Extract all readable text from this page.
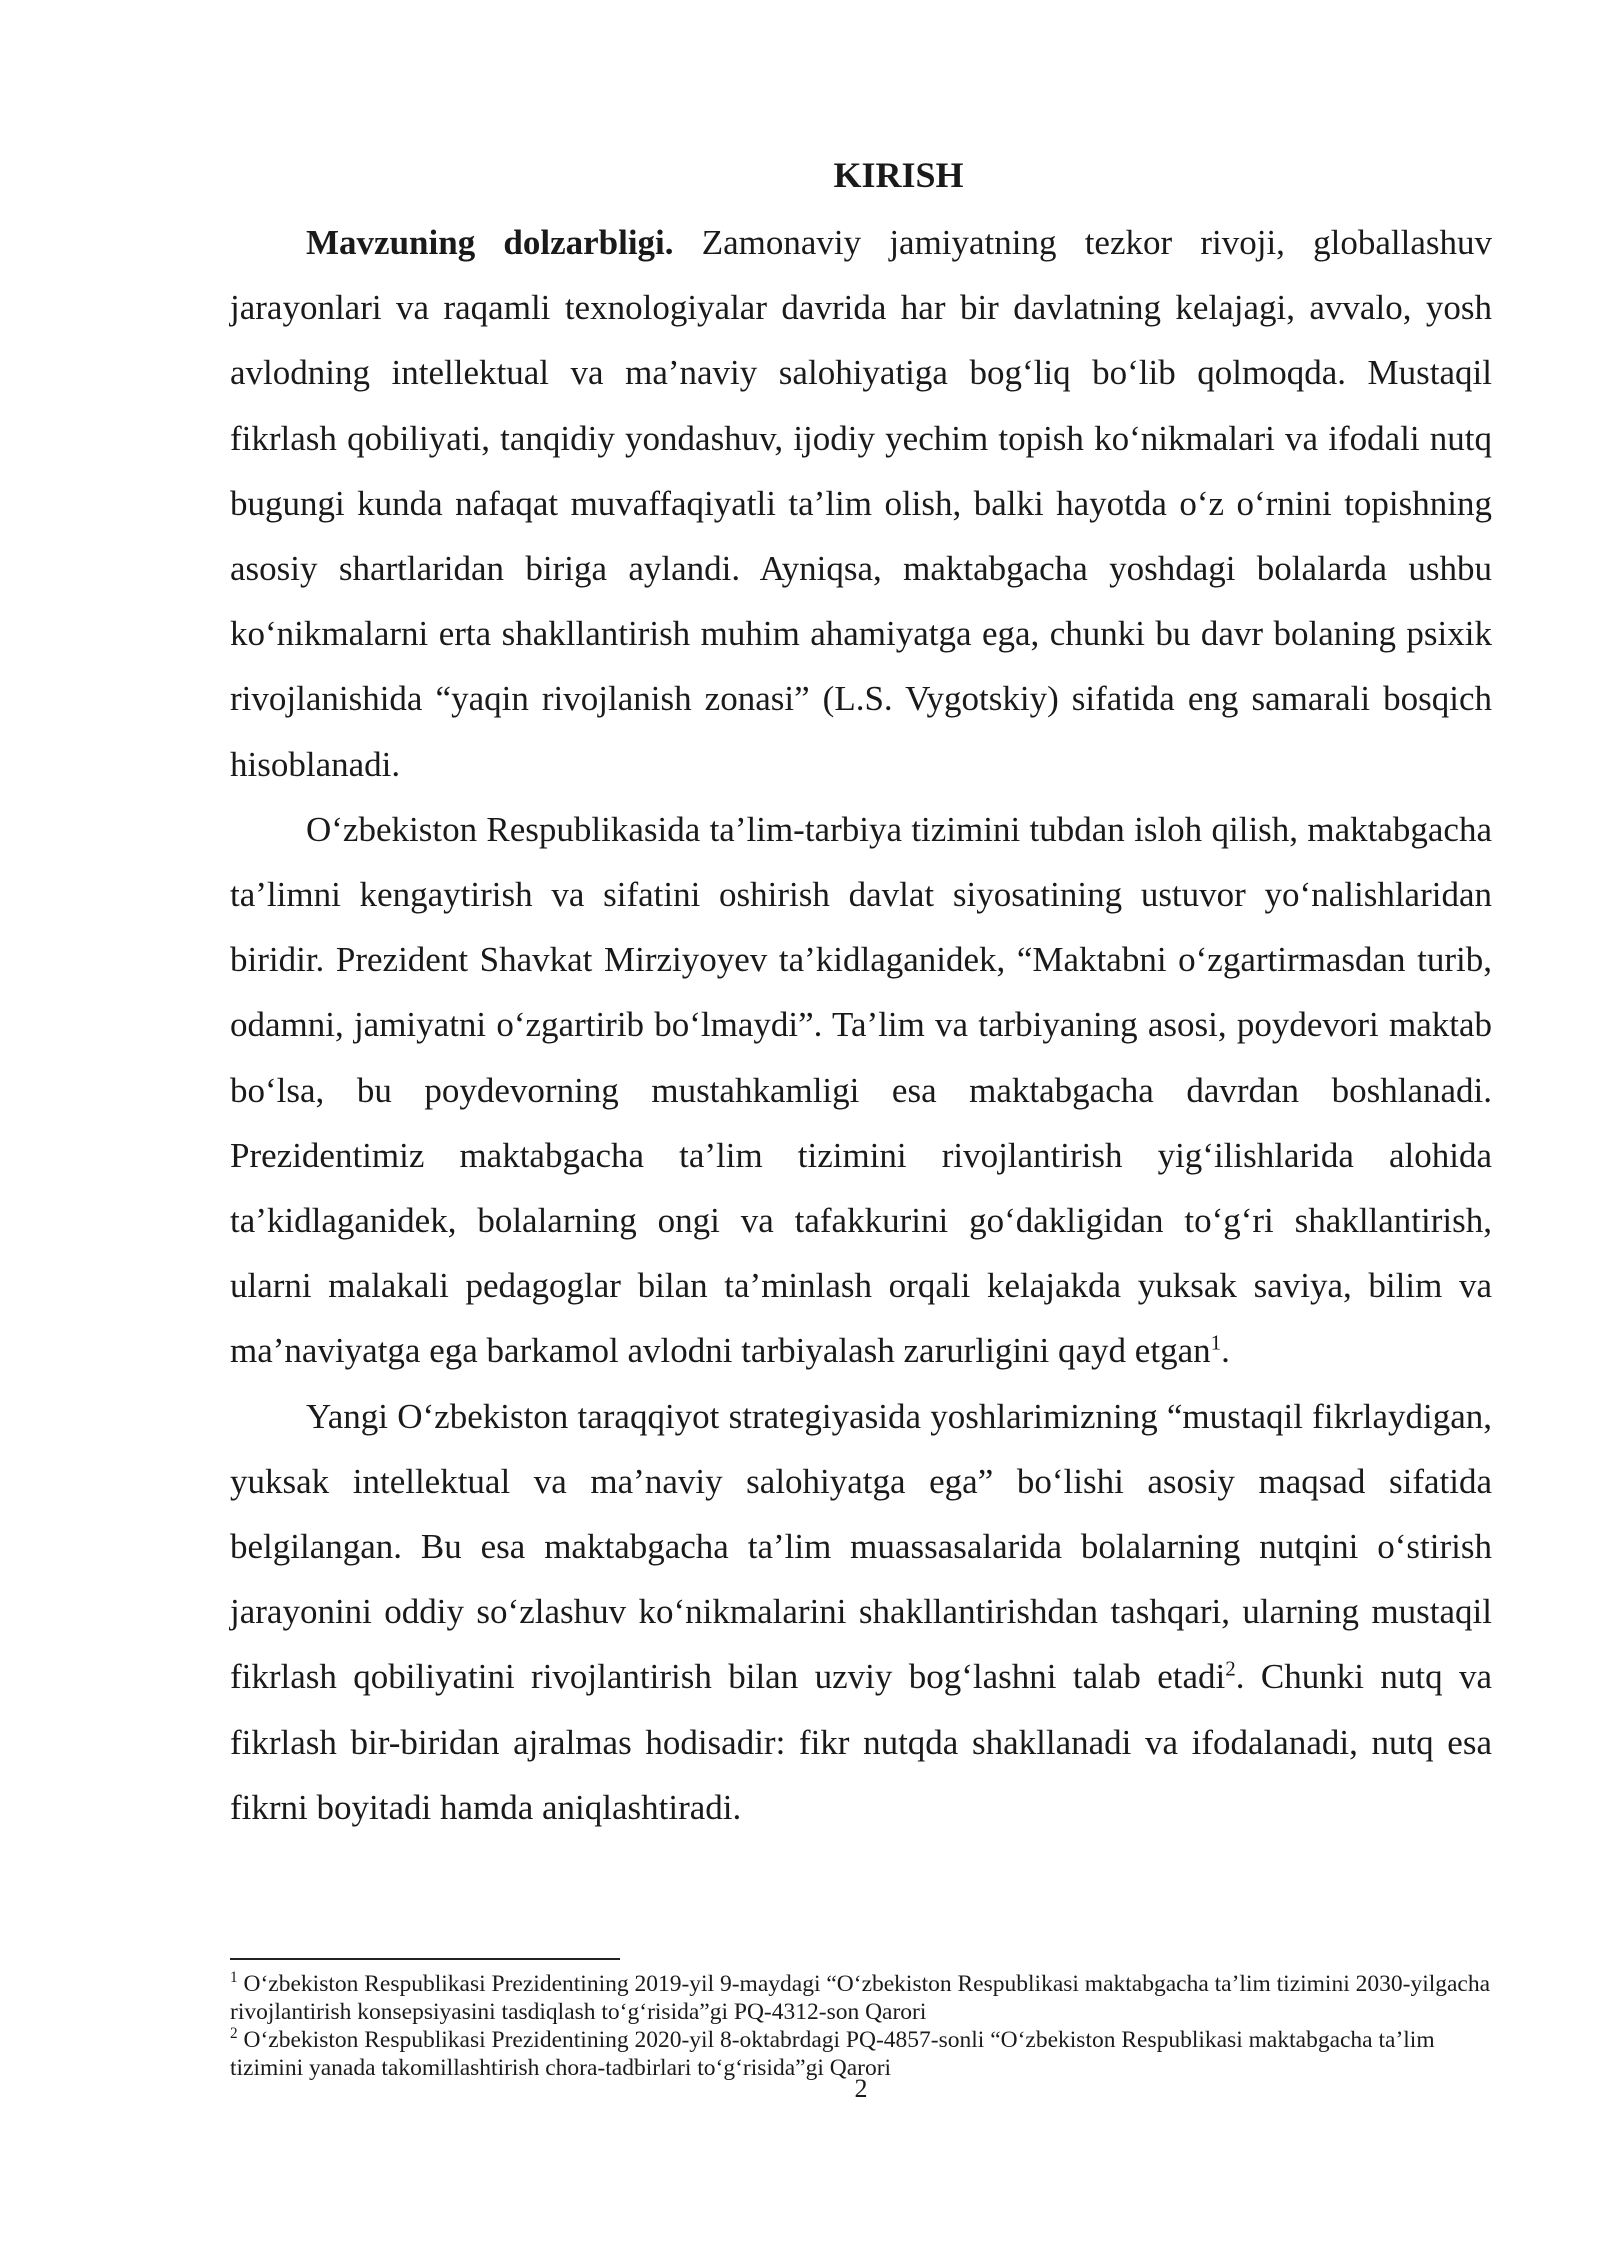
KIRISH

Mavzuning dolzarbligi. Zamonaviy jamiyatning tezkor rivoji, globallashuv jarayonlari va raqamli texnologiyalar davrida har bir davlatning kelajagi, avvalo, yosh avlodning intellektual va ma’naviy salohiyatiga bog‘liq bo‘lib qolmoqda. Mustaqil fikrlash qobiliyati, tanqidiy yondashuv, ijodiy yechim topish ko‘nikmalari va ifodali nutq bugungi kunda nafaqat muvaffaqiyatli ta’lim olish, balki hayotda o‘z o‘rnini topishning asosiy shartlaridan biriga aylandi. Ayniqsa, maktabgacha yoshdagi bolalarda ushbu ko‘nikmalarni erta shakllantirish muhim ahamiyatga ega, chunki bu davr bolaning psixik rivojlanishida “yaqin rivojlanish zonasi” (L.S. Vygotskiy) sifatida eng samarali bosqich hisoblanadi.

O‘zbekiston Respublikasida ta’lim-tarbiya tizimini tubdan isloh qilish, maktabgacha ta’limni kengaytirish va sifatini oshirish davlat siyosatining ustuvor yo‘nalishlaridan biridir. Prezident Shavkat Mirziyoyev ta’kidlaganidek, “Maktabni o‘zgartirmasdan turib, odamni, jamiyatni o‘zgartirib bo‘lmaydi”. Ta’lim va tarbiyaning asosi, poydevori maktab bo‘lsa, bu poydevorning mustahkamligi esa maktabgacha davrdan boshlanadi. Prezidentimiz maktabgacha ta’lim tizimini rivojlantirish yig‘ilishlarida alohida ta’kidlaganidek, bolalarning ongi va tafakkurini go‘dakligidan to‘g‘ri shakllantirish, ularni malakali pedagoglar bilan ta’minlash orqali kelajakda yuksak saviya, bilim va ma’naviyatga ega barkamol avlodni tarbiyalash zarurligini qayd etgan$^1$.

Yangi O‘zbekiston taraqqiyot strategiyasida yoshlarimizning “mustaqil fikrlaydigan, yuksak intellektual va ma’naviy salohiyatga ega” bo‘lishi asosiy maqsad sifatida belgilangan. Bu esa maktabgacha ta’lim muassasalarida bolalarning nutqini o‘stirish jarayonini oddiy so‘zlashuv ko‘nikmalarini shakllantirishdan tashqari, ularning mustaqil fikrlash qobiliyatini rivojlantirish bilan uzviy bog‘lashni talab etadi$^2$. Chunki nutq va fikrlash bir-biridan ajralmas hodisadir: fikr nutqda shakllanadi va ifodalanadi, nutq esa fikrni boyitadi hamda aniqlashtiradi.

$^1$ O‘zbekiston Respublikasi Prezidentining 2019-yil 9-maydagi “O‘zbekiston Respublikasi maktabgacha ta’lim tizimini 2030-yilgacha rivojlantirish konsepsiyasini tasdiqlash to‘g‘risida”gi PQ-4312-son Qarori

$^2$ O‘zbekiston Respublikasi Prezidentining 2020-yil 8-oktabrdagi PQ-4857-sonli “O‘zbekiston Respublikasi maktabgacha ta’lim tizimini yanada takomillashtirish chora-tadbirlari to‘g‘risida”gi Qarori

2
